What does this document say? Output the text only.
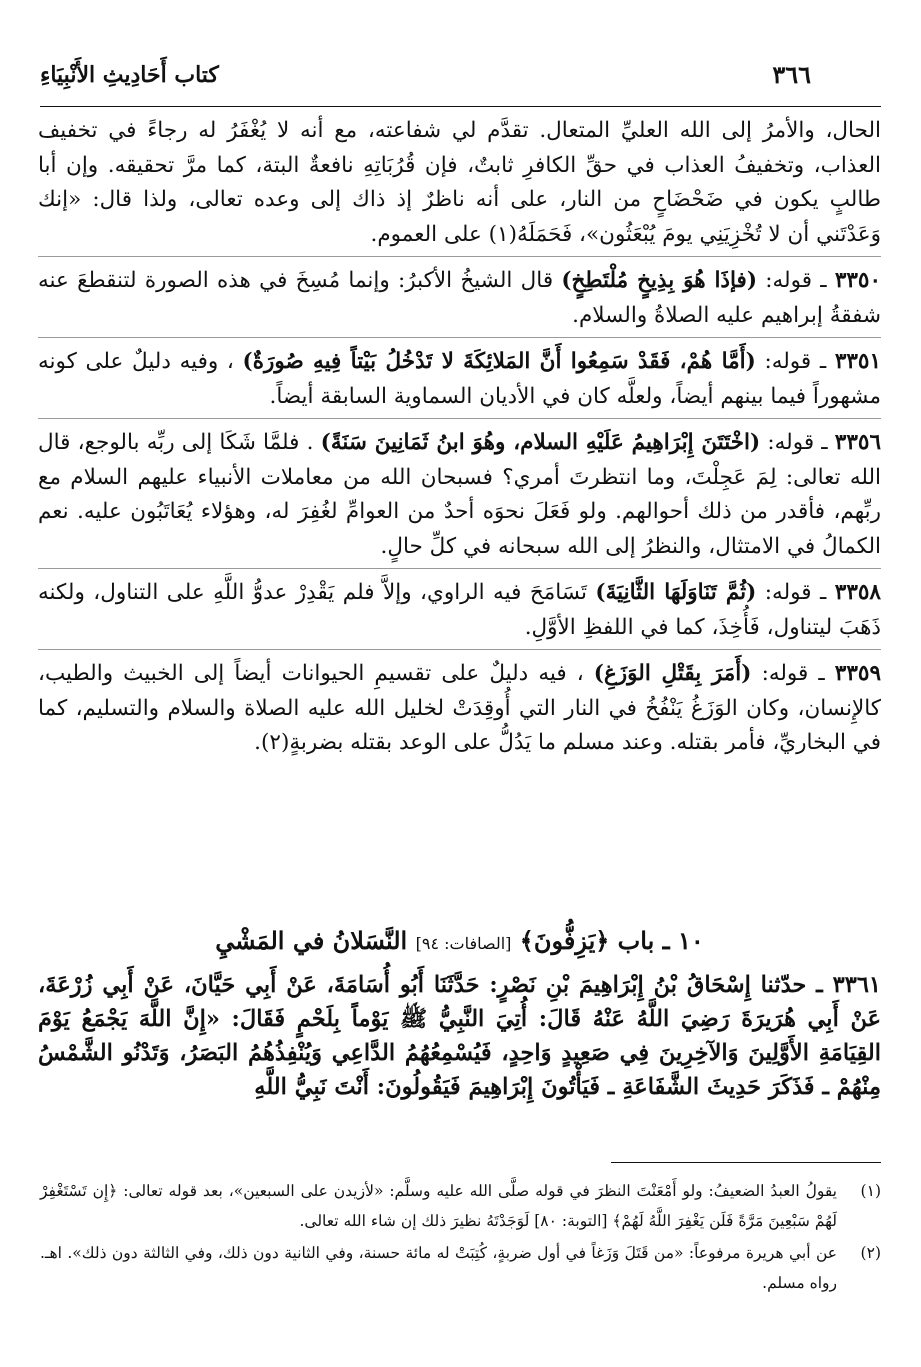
٣٦٦
كتاب أَحَادِيثِ الأَنْبِيَاءِ

الحال، والأمرُ إلى الله العليِّ المتعال. تقدَّم لي شفاعته، مع أنه لا يُغْفَرُ له رجاءً في تخفيف العذاب، وتخفيفُ العذاب في حقِّ الكافرِ ثابتٌ، فإن قُرُبَاتِهِ نافعةٌ البتة، كما مرَّ تحقيقه. وإن أبا طالبٍ يكون في ضَحْضَاحٍ من النار، على أنه ناظرٌ إذ ذاك إلى وعده تعالى، ولذا قال: «إنك وَعَدْتَني أن لا تُخْزِيَنِي يومَ يُبْعَثُون»، فَحَمَلَهُ(١) على العموم.

٣٣٥٠ ـ قوله: (فإذَا هُوَ بِذِيخٍ مُلْتَطِخٍ) قال الشيخُ الأكبرُ: وإنما مُسِخَ في هذه الصورة لتنقطعَ عنه شفقةُ إبراهيم عليه الصلاةُ والسلام.

٣٣٥١ ـ قوله: (أَمَّا هُمْ، فَقَدْ سَمِعُوا أَنَّ المَلائِكَةَ لا تَدْخُلُ بَيْتاً فِيهِ صُورَةٌ) ، وفيه دليلٌ على كونه مشهوراً فيما بينهم أيضاً، ولعلَّه كان في الأديان السماوية السابقة أيضاً.

٣٣٥٦ ـ قوله: (اخْتَتَنَ إِبْرَاهِيمُ عَلَيْهِ السلام، وهُوَ ابنُ ثَمَانِينَ سَنَةً) . فلمَّا شَكَا إلى ربِّه بالوجع، قال الله تعالى: لِمَ عَجِلْتَ، وما انتظرتَ أمري؟ فسبحان الله من معاملات الأنبياء عليهم السلام مع ربِّهم، فأقدر من ذلك أحوالهم. ولو فَعَلَ نحوَه أحدٌ من العوامِّ لغُفِرَ له، وهؤلاء يُعَاتَبُون عليه. نعم الكمالُ في الامتثال، والنظرُ إلى الله سبحانه في كلِّ حالٍ.

٣٣٥٨ ـ قوله: (ثُمَّ تَنَاوَلَهَا الثَّانِيَةَ) تَسَامَحَ فيه الراوي، وإلاَّ فلم يَقْدِرْ عدوُّ اللَّهِ على التناول، ولكنه ذَهَبَ ليتناول، فَأُخِذَ، كما في اللفظِ الأوَّلِ.

٣٣٥٩ ـ قوله: (أَمَرَ بِقَتْلِ الوَزَغِ) ، فيه دليلٌ على تقسيمِ الحيوانات أيضاً إلى الخبيث والطيب، كالإِنسان، وكان الوَزَغُ يَنْفُخُ في النار التي أُوقِدَتْ لخليل الله عليه الصلاة والسلام والتسليم، كما في البخاريِّ، فأمر بقتله. وعند مسلم ما يَدُلُّ على الوعد بقتله بضربةٍ(٢).

١٠ ـ باب ﴿يَزِفُّونَ﴾ [الصافات: ٩٤] النَّسَلانُ في المَشْيِ
٣٣٦١ ـ حدّثنا إِسْحَاقُ بْنُ إِبْرَاهِيمَ بْنِ نَصْرٍ: حَدَّثَنَا أَبُو أُسَامَةَ، عَنْ أَبِي حَيَّانَ، عَنْ أَبِي زُرْعَةَ، عَنْ أَبِي هُرَيرَةَ رَضِيَ اللَّهُ عَنْهُ قَالَ: أُتِيَ النَّبِيُّ ﷺ يَوْماً بِلَحْمٍ فَقَالَ: «إِنَّ اللَّهَ يَجْمَعُ يَوْمَ القِيَامَةِ الأَوَّلِينَ وَالآخِرِينَ فِي صَعِيدٍ وَاحِدٍ، فَيُسْمِعُهُمُ الدَّاعِي وَيُنْفِذُهُمُ البَصَرُ، وَتَدْنُو الشَّمْسُ مِنْهُمْ ـ فَذَكَرَ حَدِيثَ الشَّفَاعَةِ ـ فَيَأْتُونَ إِبْرَاهِيمَ فَيَقُولُونَ: أَنْتَ نَبِيُّ اللَّهِ
(١)
يقولُ العبدُ الضعيفُ: ولو أَمْعَنْتَ النظرَ في قوله صلَّى الله عليه وسلَّم: «لأزيدن على السبعين»، بعد قوله تعالى: ﴿إِن تَسْتَغْفِرْ لَهُمْ سَبْعِينَ مَرَّةً فَلَن يَغْفِرَ اللَّهُ لَهُمْ﴾ [التوبة: ٨٠] لَوَجَدْتَهُ نظيرَ ذلك إن شاء الله تعالى.
(٢)
عن أبي هريرة مرفوعاً: «من قَتَلَ وَزَغاً في أول ضربةٍ، كُتِبَتْ له مائة حسنة، وفي الثانية دون ذلك، وفي الثالثة دون ذلك». اهـ. رواه مسلم.
